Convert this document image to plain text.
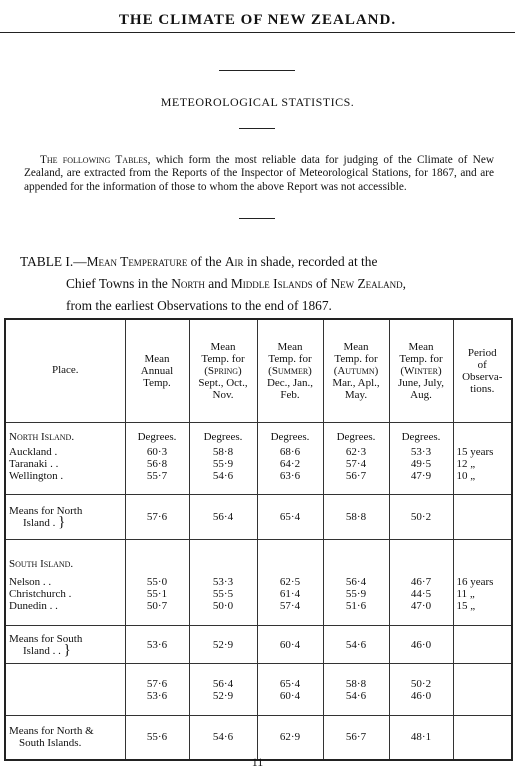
THE CLIMATE OF NEW ZEALAND.
METEOROLOGICAL STATISTICS.
The following Tables, which form the most reliable data for judging of the Climate of New Zealand, are extracted from the Reports of the Inspector of Meteorological Stations, for 1867, and are appended for the information of those to whom the above Report was not accessible.
TABLE I.—Mean Temperature of the Air in shade, recorded at the
Chief Towns in the North and Middle Islands of New Zealand,
from the earliest Observations to the end of 1867.
Place.	Mean
Annual
Temp.	Mean
Temp. for
(Spring)
Sept., Oct.,
Nov.	Mean
Temp. for
(Summer)
Dec., Jan.,
Feb.	Mean
Temp. for
(Autumn)
Mar., Apl.,
May.	Mean
Temp. for
(Winter)
June, July,
Aug.	Period
of
Observa-
tions.

North Island.
Auckland .
Taranaki . .
Wellington .	Degrees.
60·3
56·8
55·7	Degrees.
58·8
55·9
54·6	Degrees.
68·6
64·2
63·6	Degrees.
62·3
57·4
56·7	Degrees.
53·3
49·5
47·9	15 years
12 „
10 „

Means for North
Island . }	57·6	56·4	65·4	58·8	50·2	

South Island.
Nelson . .
Christchurch .
Dunedin . .	55·0
55·1
50·7	53·3
55·5
50·0	62·5
61·4
57·4	56·4
55·9
51·6	46·7
44·5
47·0	16 years
11 „
15 „

Means for South
Island . . }	53·6	52·9	60·4	54·6	46·0	

	57·6
53·6	56·4
52·9	65·4
60·4	58·8
54·6	50·2
46·0	

Means for North &
South Islands.	55·6	54·6	62·9	56·7	48·1	
11
